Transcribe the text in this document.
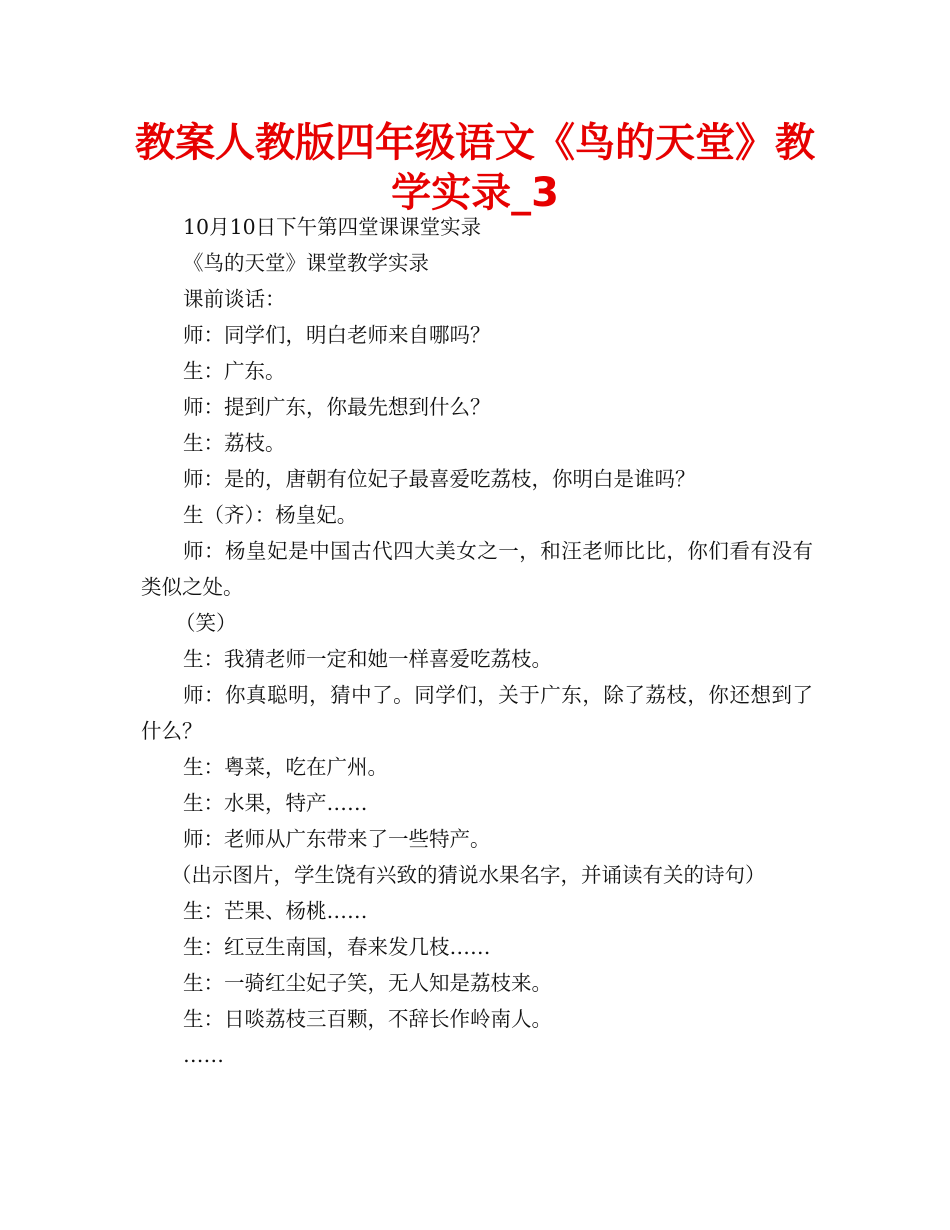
教案人教版四年级语文《鸟的天堂》教学实录_3

10月10日下午第四堂课课堂实录

《鸟的天堂》课堂教学实录

课前谈话：

师：同学们，明白老师来自哪吗？

生：广东。

师：提到广东，你最先想到什么？

生：荔枝。

师：是的，唐朝有位妃子最喜爱吃荔枝，你明白是谁吗？

生（齐）：杨皇妃。

师：杨皇妃是中国古代四大美女之一，和汪老师比比，你们看有没有类似之处。

（笑）

生：我猜老师一定和她一样喜爱吃荔枝。

师：你真聪明，猜中了。同学们，关于广东，除了荔枝，你还想到了什么？

生：粤菜，吃在广州。

生：水果，特产……

师：老师从广东带来了一些特产。

（出示图片，学生饶有兴致的猜说水果名字，并诵读有关的诗句）

生：芒果、杨桃……

生：红豆生南国，春来发几枝……

生：一骑红尘妃子笑，无人知是荔枝来。

生：日啖荔枝三百颗，不辞长作岭南人。

……
